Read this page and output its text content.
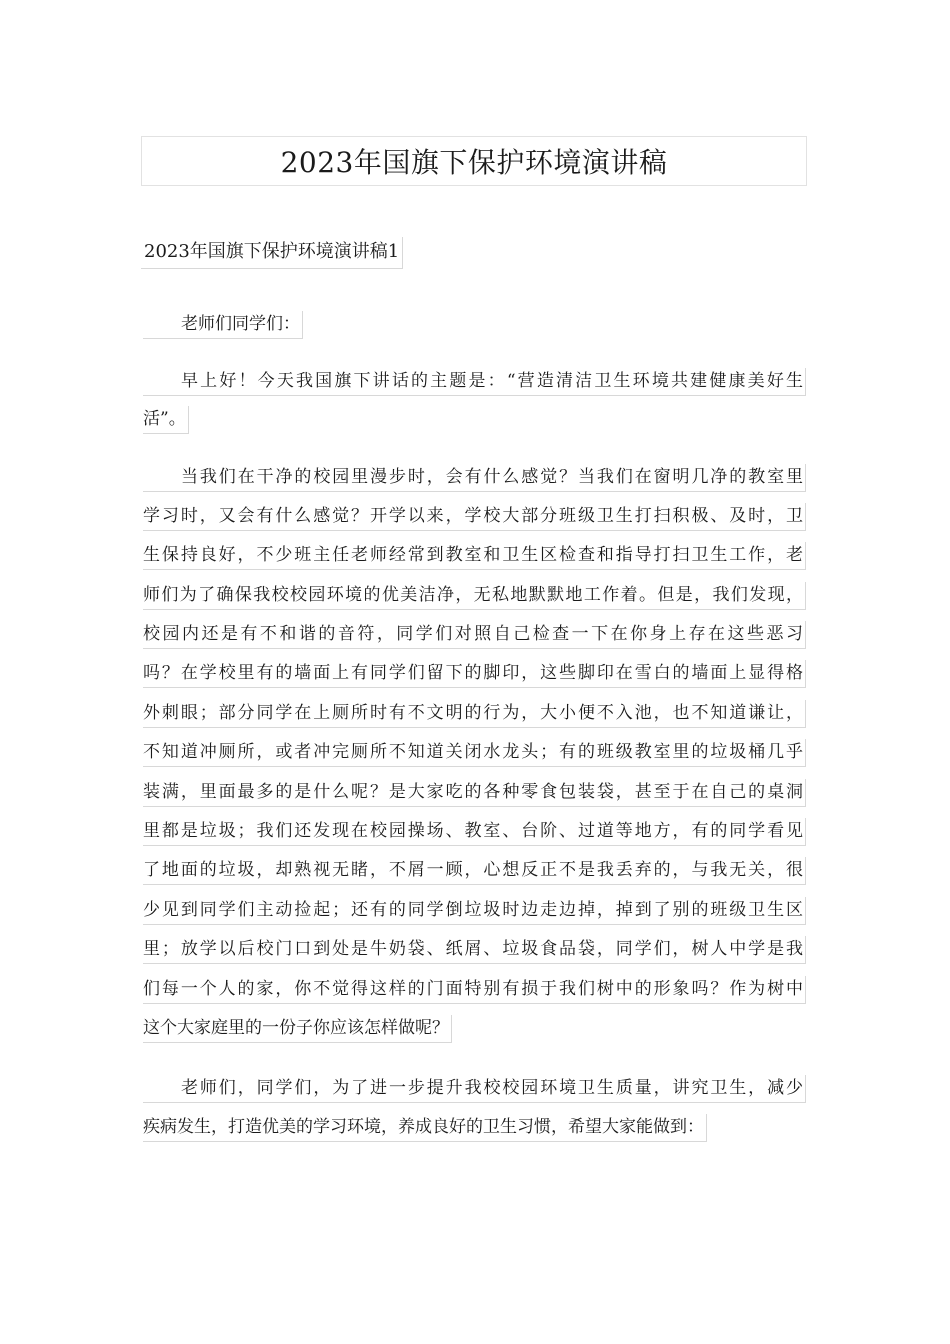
2023年国旗下保护环境演讲稿
2023年国旗下保护环境演讲稿1
老师们同学们：
早上好！今天我国旗下讲话的主题是：“营造清洁卫生环境共建健康美好生
活”。
当我们在干净的校园里漫步时，会有什么感觉？当我们在窗明几净的教室里
学习时，又会有什么感觉？开学以来，学校大部分班级卫生打扫积极、及时，卫
生保持良好，不少班主任老师经常到教室和卫生区检查和指导打扫卫生工作，老
师们为了确保我校校园环境的优美洁净，无私地默默地工作着。但是，我们发现，
校园内还是有不和谐的音符，同学们对照自己检查一下在你身上存在这些恶习
吗？在学校里有的墙面上有同学们留下的脚印，这些脚印在雪白的墙面上显得格
外刺眼；部分同学在上厕所时有不文明的行为，大小便不入池，也不知道谦让，
不知道冲厕所，或者冲完厕所不知道关闭水龙头；有的班级教室里的垃圾桶几乎
装满，里面最多的是什么呢？是大家吃的各种零食包装袋，甚至于在自己的桌洞
里都是垃圾；我们还发现在校园操场、教室、台阶、过道等地方，有的同学看见
了地面的垃圾，却熟视无睹，不屑一顾，心想反正不是我丢弃的，与我无关，很
少见到同学们主动捡起；还有的同学倒垃圾时边走边掉，掉到了别的班级卫生区
里；放学以后校门口到处是牛奶袋、纸屑、垃圾食品袋，同学们，树人中学是我
们每一个人的家，你不觉得这样的门面特别有损于我们树中的形象吗？作为树中
这个大家庭里的一份子你应该怎样做呢？
老师们，同学们，为了进一步提升我校校园环境卫生质量，讲究卫生，减少
疾病发生，打造优美的学习环境，养成良好的卫生习惯，希望大家能做到：
